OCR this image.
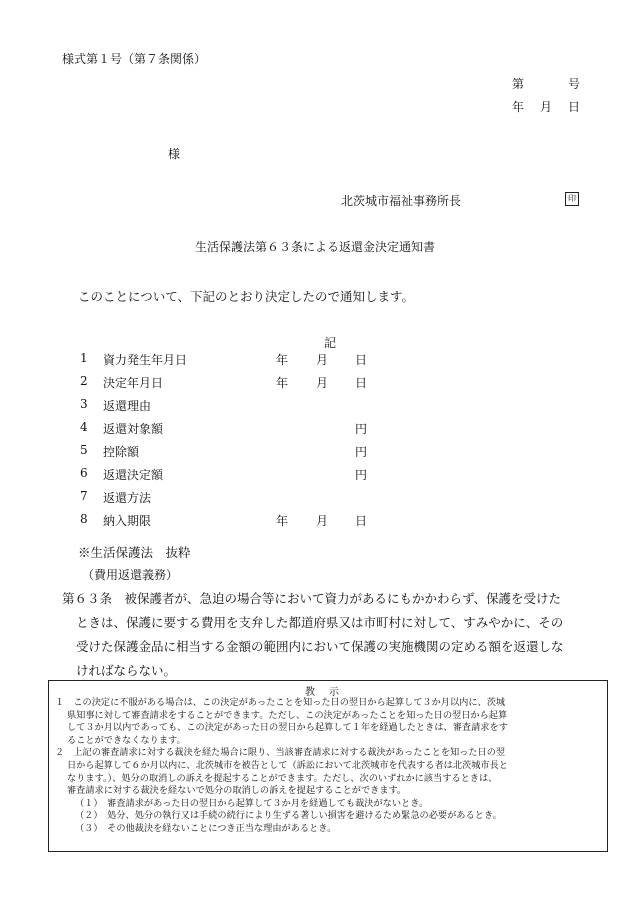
様式第１号（第７条関係）
第	号
年 月 日
様
北茨城市福祉事務所長	印
生活保護法第６３条による返還金決定通知書
このことについて、下記のとおり決定したので通知します。
記
1 資力発生年月日	年 月 日
2 決定年月日	年 月 日
3 返還理由
4 返還対象額	円
5 控除額	円
6 返還決定額	円
7 返還方法
8 納入期限	年 月 日
※生活保護法　抜粋
（費用返還義務）
第６３条　被保護者が、急迫の場合等において資力があるにもかかわらず、保護を受けた
ときは、保護に要する費用を支弁した都道府県又は市町村に対して、すみやかに、その
受けた保護金品に相当する金額の範囲内において保護の実施機関の定める額を返還しな
ければならない。
教示
１　この決定に不服がある場合は、この決定があったことを知った日の翌日から起算して３か月以内に、茨城
県知事に対して審査請求をすることができます。ただし、この決定があったことを知った日の翌日から起算
して３か月以内であっても、この決定があった日の翌日から起算して１年を経過したときは、審査請求をす
ることができなくなります。
２　上記の審査請求に対する裁決を経た場合に限り、当該審査請求に対する裁決があったことを知った日の翌
日から起算して６か月以内に、北茨城市を被告として（訴訟において北茨城市を代表する者は北茨城市長と
なります。）、処分の取消しの訴えを提起することができます。ただし、次のいずれかに該当するときは、
審査請求に対する裁決を経ないで処分の取消しの訴えを提起することができます。
（１）　審査請求があった日の翌日から起算して３か月を経過しても裁決がないとき。
（２）　処分、処分の執行又は手続の続行により生ずる著しい損害を避けるため緊急の必要があるとき。
（３）　その他裁決を経ないことにつき正当な理由があるとき。
